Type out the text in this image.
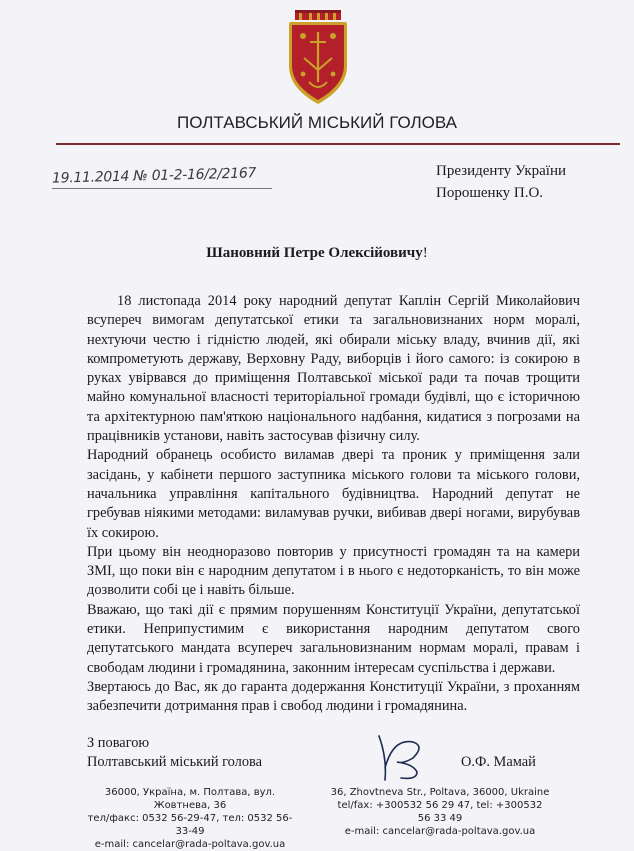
ПОЛТАВСЬКИЙ МІСЬКИЙ ГОЛОВА
19.11.2014 № 01-2-16/2/2167	Президенту України
Порошенку П.О.
Шановний Петре Олексійовичу!

18 листопада 2014 року народний депутат Каплін Сергій Миколайович всупереч вимогам депутатської етики та загальновизнаних норм моралі, нехтуючи честю і гідністю людей, які обирали міську владу, вчинив дії, які компрометують державу, Верховну Раду, виборців і його самого: із сокирою в руках увірвався до приміщення Полтавської міської ради та почав трощити майно комунальної власності територіальної громади будівлі, що є історичною та архітектурною пам'яткою національного надбання, кидатися з погрозами на працівників установи, навіть застосував фізичну силу.

Народний обранець особисто виламав двері та проник у приміщення зали засідань, у кабінети першого заступника міського голови та міського голови, начальника управління капітального будівництва. Народний депутат не гребував ніякими методами: виламував ручки, вибивав двері ногами, вирубував їх сокирою.

При цьому він неодноразово повторив у присутності громадян та на камери ЗМІ, що поки він є народним депутатом і в нього є недоторканість, то він може дозволити собі це і навіть більше.

Вважаю, що такі дії є прямим порушенням Конституції України, депутатської етики. Неприпустимим є використання народним депутатом свого депутатського мандата всупереч загальновизнаним нормам моралі, правам і свободам людини і громадянина, законним інтересам суспільства і держави.

Звертаюсь до Вас, як до гаранта додержання Конституції України, з проханням забезпечити дотримання прав і свобод людини і громадянина.

З повагою
Полтавський міський голова	О.Ф. Мамай
36000, Україна, м. Полтава, вул. Жовтнева, 36
тел/факс: 0532 56-29-47, тел: 0532 56-33-49
e-mail: cancelar@rada-poltava.gov.ua
36, Zhovtneva Str., Poltava, 36000, Ukraine
tel/fax: +300532 56 29 47, tel: +300532 56 33 49
e-mail: cancelar@rada-poltava.gov.ua
